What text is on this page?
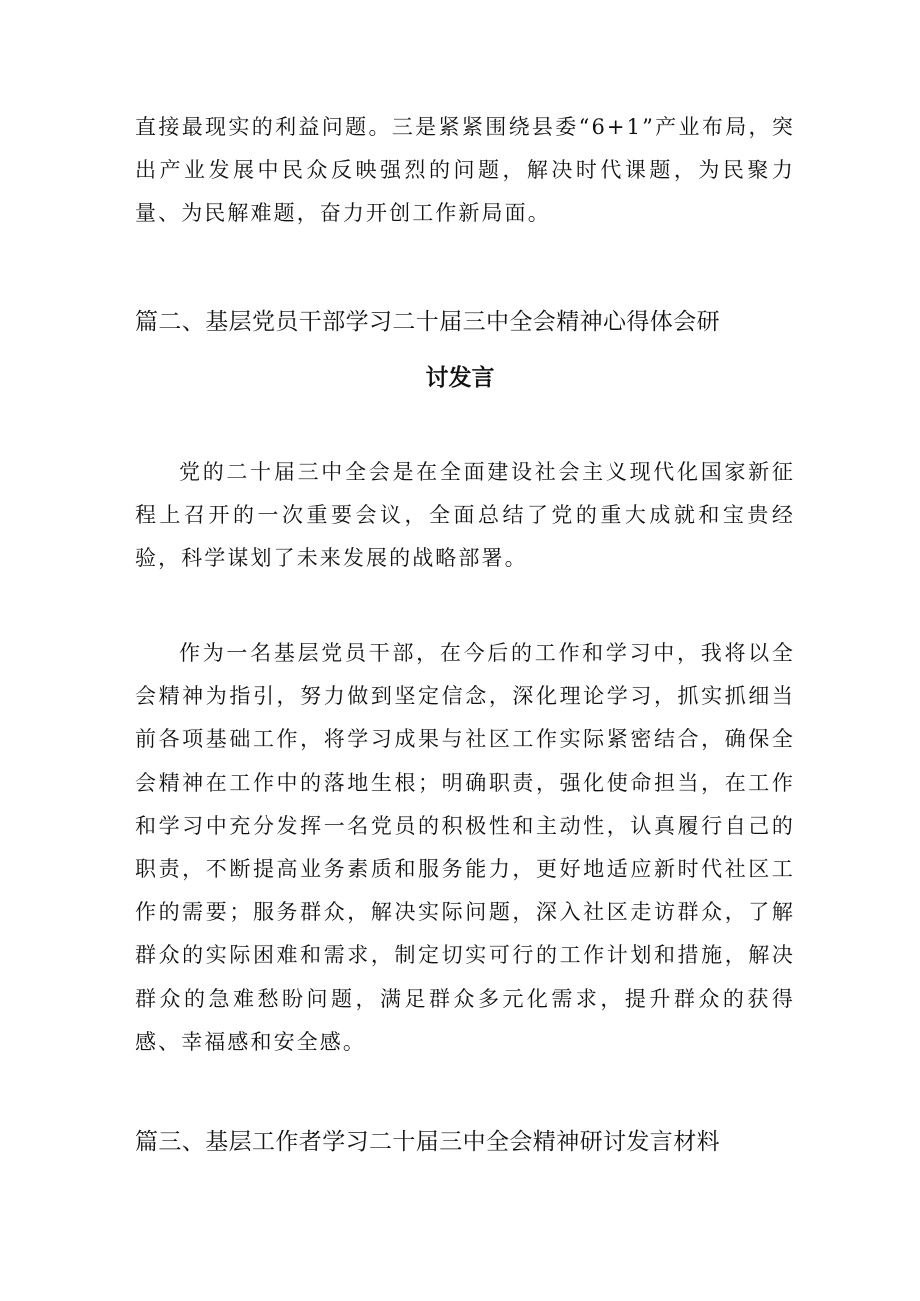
直接最现实的利益问题。三是紧紧围绕县委“6+1”产业布局，突出产业发展中民众反映强烈的问题，解决时代课题，为民聚力量、为民解难题，奋力开创工作新局面。

篇二、基层党员干部学习二十届三中全会精神心得体会研
讨发言

党的二十届三中全会是在全面建设社会主义现代化国家新征程上召开的一次重要会议，全面总结了党的重大成就和宝贵经验，科学谋划了未来发展的战略部署。

作为一名基层党员干部，在今后的工作和学习中，我将以全会精神为指引，努力做到坚定信念，深化理论学习，抓实抓细当前各项基础工作，将学习成果与社区工作实际紧密结合，确保全会精神在工作中的落地生根；明确职责，强化使命担当，在工作和学习中充分发挥一名党员的积极性和主动性，认真履行自己的职责，不断提高业务素质和服务能力，更好地适应新时代社区工作的需要；服务群众，解决实际问题，深入社区走访群众，了解群众的实际困难和需求，制定切实可行的工作计划和措施，解决群众的急难愁盼问题，满足群众多元化需求，提升群众的获得感、幸福感和安全感。

篇三、基层工作者学习二十届三中全会精神研讨发言材料
